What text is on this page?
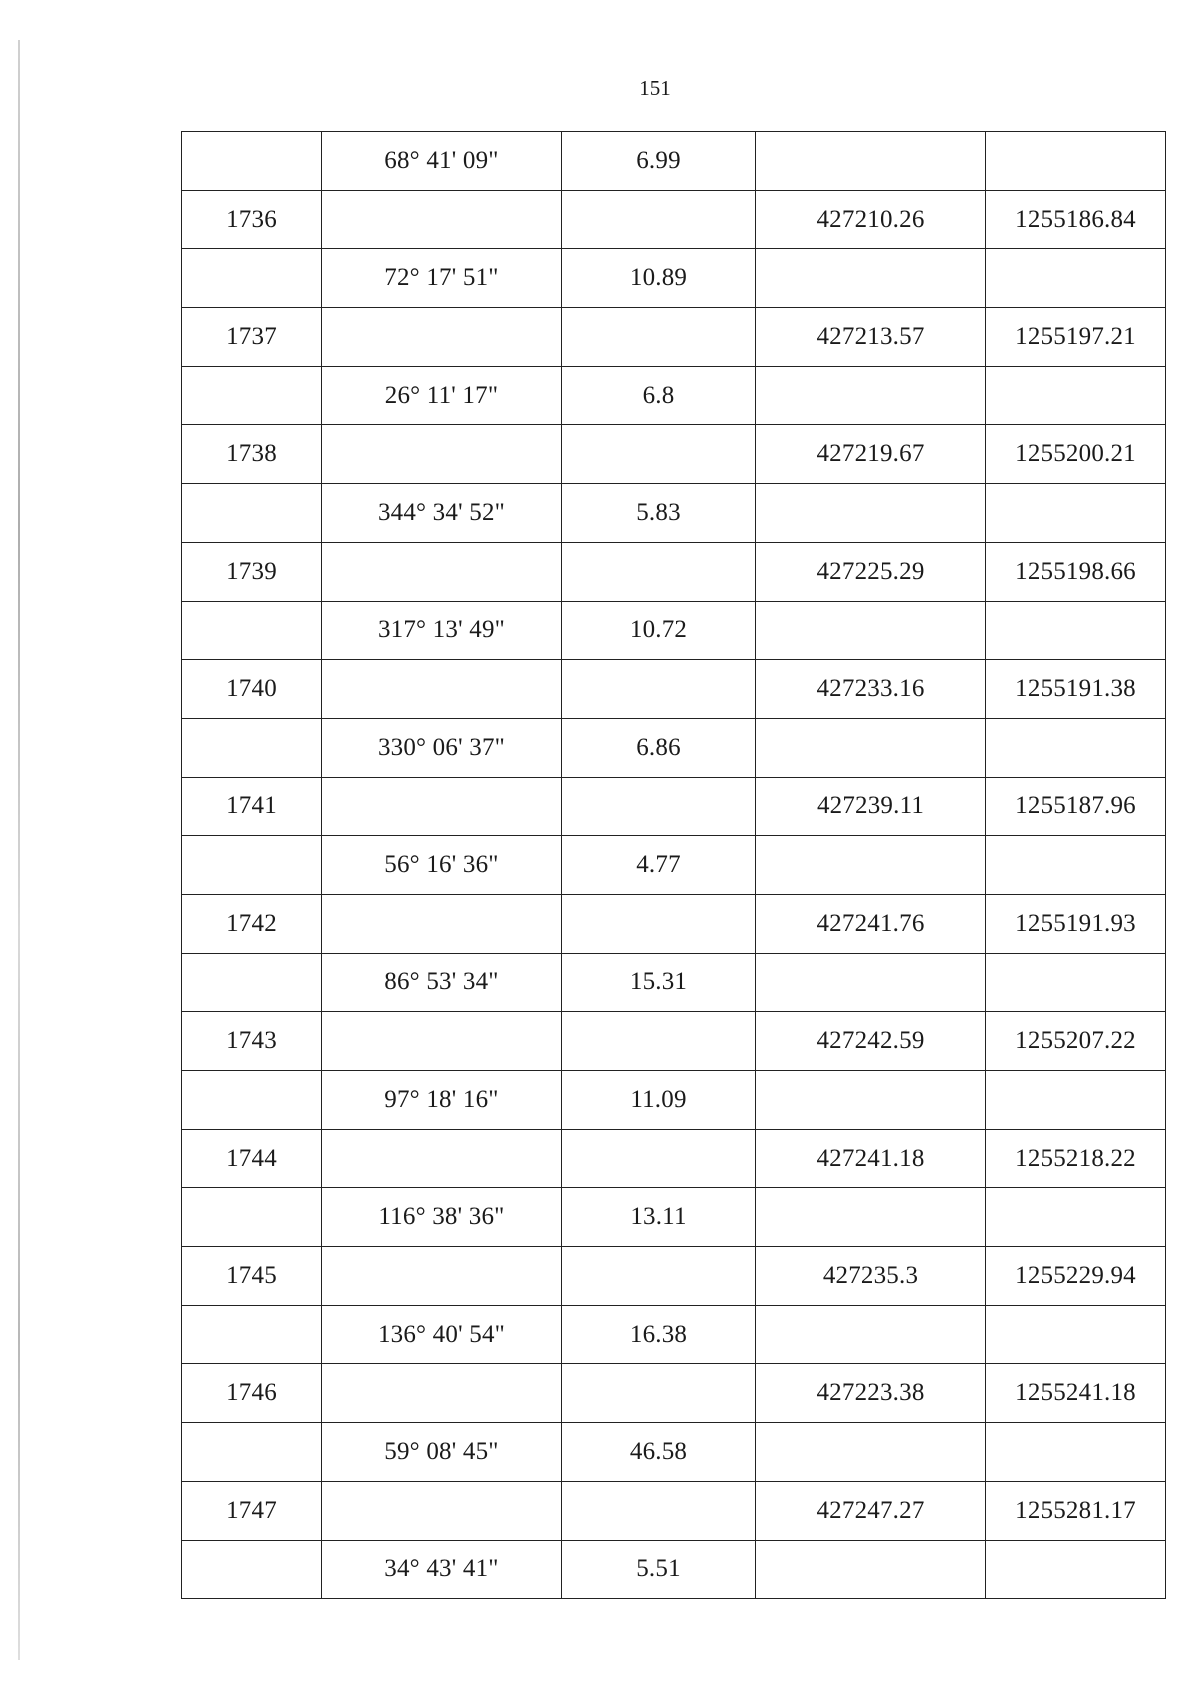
151
	68° 41' 09"	6.99		
1736			427210.26	1255186.84
	72° 17' 51"	10.89		
1737			427213.57	1255197.21
	26° 11' 17"	6.8		
1738			427219.67	1255200.21
	344° 34' 52"	5.83		
1739			427225.29	1255198.66
	317° 13' 49"	10.72		
1740			427233.16	1255191.38
	330° 06' 37"	6.86		
1741			427239.11	1255187.96
	56° 16' 36"	4.77		
1742			427241.76	1255191.93
	86° 53' 34"	15.31		
1743			427242.59	1255207.22
	97° 18' 16"	11.09		
1744			427241.18	1255218.22
	116° 38' 36"	13.11		
1745			427235.3	1255229.94
	136° 40' 54"	16.38		
1746			427223.38	1255241.18
	59° 08' 45"	46.58		
1747			427247.27	1255281.17
	34° 43' 41"	5.51		
